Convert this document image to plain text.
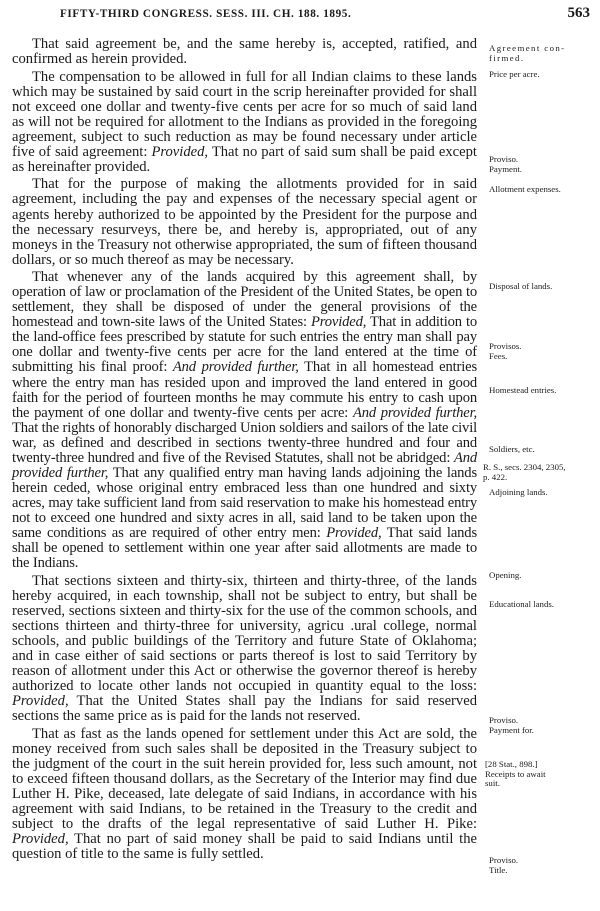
FIFTY-THIRD CONGRESS. SESS. III. CH. 188. 1895.	563

That said agreement be, and the same hereby is, accepted, ratified, and confirmed as herein provided.

The compensation to be allowed in full for all Indian claims to these lands which may be sustained by said court in the scrip hereinafter provided for shall not exceed one dollar and twenty-five cents per acre for so much of said land as will not be required for allotment to the Indians as provided in the foregoing agreement, subject to such reduction as may be found necessary under article five of said agreement: Provided, That no part of said sum shall be paid except as hereinafter provided.

That for the purpose of making the allotments provided for in said agreement, including the pay and expenses of the necessary special agent or agents hereby authorized to be appointed by the President for the purpose and the necessary resurveys, there be, and hereby is, appropriated, out of any moneys in the Treasury not otherwise appropriated, the sum of fifteen thousand dollars, or so much thereof as may be necessary.

That whenever any of the lands acquired by this agreement shall, by operation of law or proclamation of the President of the United States, be open to settlement, they shall be disposed of under the general provisions of the homestead and town-site laws of the United States: Provided, That in addition to the land-office fees prescribed by statute for such entries the entry man shall pay one dollar and twenty-five cents per acre for the land entered at the time of submitting his final proof: And provided further, That in all homestead entries where the entry man has resided upon and improved the land entered in good faith for the period of fourteen months he may commute his entry to cash upon the payment of one dollar and twenty-five cents per acre: And provided further, That the rights of honorably discharged Union soldiers and sailors of the late civil war, as defined and described in sections twenty-three hundred and four and twenty-three hundred and five of the Revised Statutes, shall not be abridged: And provided further, That any qualified entry man having lands adjoining the lands herein ceded, whose original entry embraced less than one hundred and sixty acres, may take sufficient land from said reservation to make his homestead entry not to exceed one hundred and sixty acres in all, said land to be taken upon the same conditions as are required of other entry men: Provided, That said lands shall be opened to settlement within one year after said allotments are made to the Indians.

That sections sixteen and thirty-six, thirteen and thirty-three, of the lands hereby acquired, in each township, shall not be subject to entry, but shall be reserved, sections sixteen and thirty-six for the use of the common schools, and sections thirteen and thirty-three for university, agricu .ural college, normal schools, and public buildings of the Territory and future State of Oklahoma; and in case either of said sections or parts thereof is lost to said Territory by reason of allotment under this Act or otherwise the governor thereof is hereby authorized to locate other lands not occupied in quantity equal to the loss: Provided, That the United States shall pay the Indians for said reserved sections the same price as is paid for the lands not reserved.

That as fast as the lands opened for settlement under this Act are sold, the money received from such sales shall be deposited in the Treasury subject to the judgment of the court in the suit herein provided for, less such amount, not to exceed fifteen thousand dollars, as the Secretary of the Interior may find due Luther H. Pike, deceased, late delegate of said Indians, in accordance with his agreement with said Indians, to be retained in the Treasury to the credit and subject to the drafts of the legal representative of said Luther H. Pike: Provided, That no part of said money shall be paid to said Indians until the question of title to the same is fully settled.

Agreement con-
firmed.
Price per acre.
Proviso.
Payment.
Allotment expenses.
Disposal of lands.
Provisos.
Fees.
Homestead entries.
Soldiers, etc.
R. S., secs. 2304, 2305,
p. 422.
Adjoining lands.
Opening.
Educational lands.
Proviso.
Payment for.
[28 Stat., 898.]
Receipts to await
suit.
Proviso.
Title.
